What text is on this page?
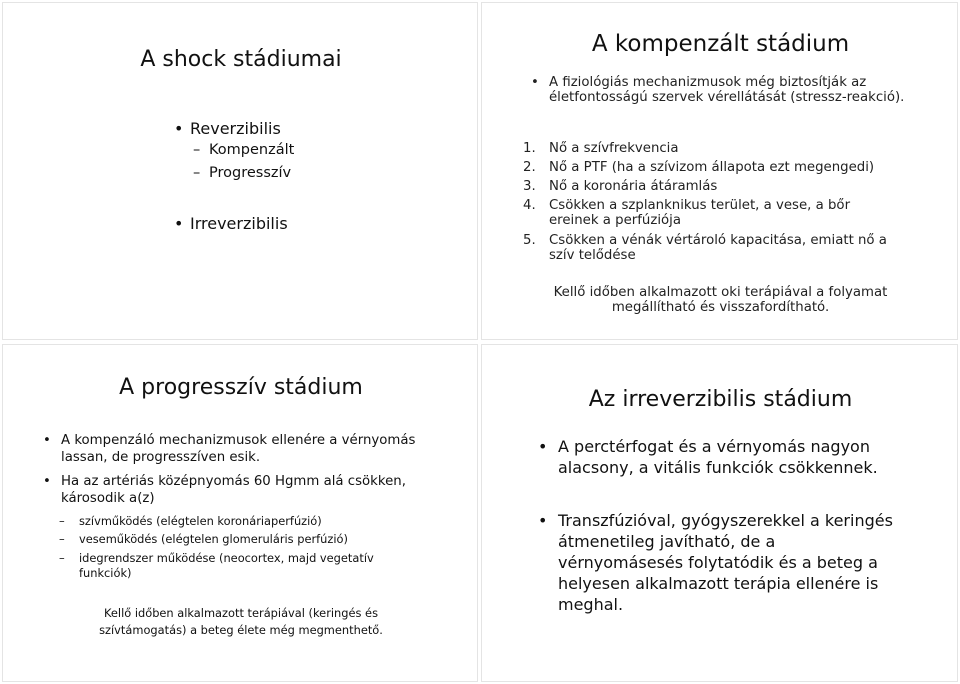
A shock stádiumai
• Reverzibilis
– Kompenzált
– Progresszív
• Irreverzibilis
A kompenzált stádium
• A fiziológiás mechanizmusok még biztosítják az életfontosságú szervek vérellátását (stressz-reakció).
1. Nő a szívfrekvencia
2. Nő a PTF (ha a szívizom állapota ezt megengedi)
3. Nő a koronária átáramlás
4. Csökken a szplanknikus terület, a vese, a bőr ereinek a perfúziója
5. Csökken a vénák vértároló kapacitása, emiatt nő a szív telődése
Kellő időben alkalmazott oki terápiával a folyamat
megállítható és visszafordítható.
A progresszív stádium
• A kompenzáló mechanizmusok ellenére a vérnyomás lassan, de progresszíven esik.
• Ha az artériás középnyomás 60 Hgmm alá csökken, károsodik a(z)
– szívműködés (elégtelen koronáriaperfúzió)
– veseműködés (elégtelen glomeruláris perfúzió)
– idegrendszer működése (neocortex, majd vegetatív funkciók)
Kellő időben alkalmazott terápiával (keringés és
szívtámogatás) a beteg élete még megmenthető.
Az irreverzibilis stádium
• A perctérfogat és a vérnyomás nagyon alacsony, a vitális funkciók csökkennek.
• Transzfúzióval, gyógyszerekkel a keringés átmenetileg javítható, de a vérnyomásesés folytatódik és a beteg a helyesen alkalmazott terápia ellenére is meghal.
